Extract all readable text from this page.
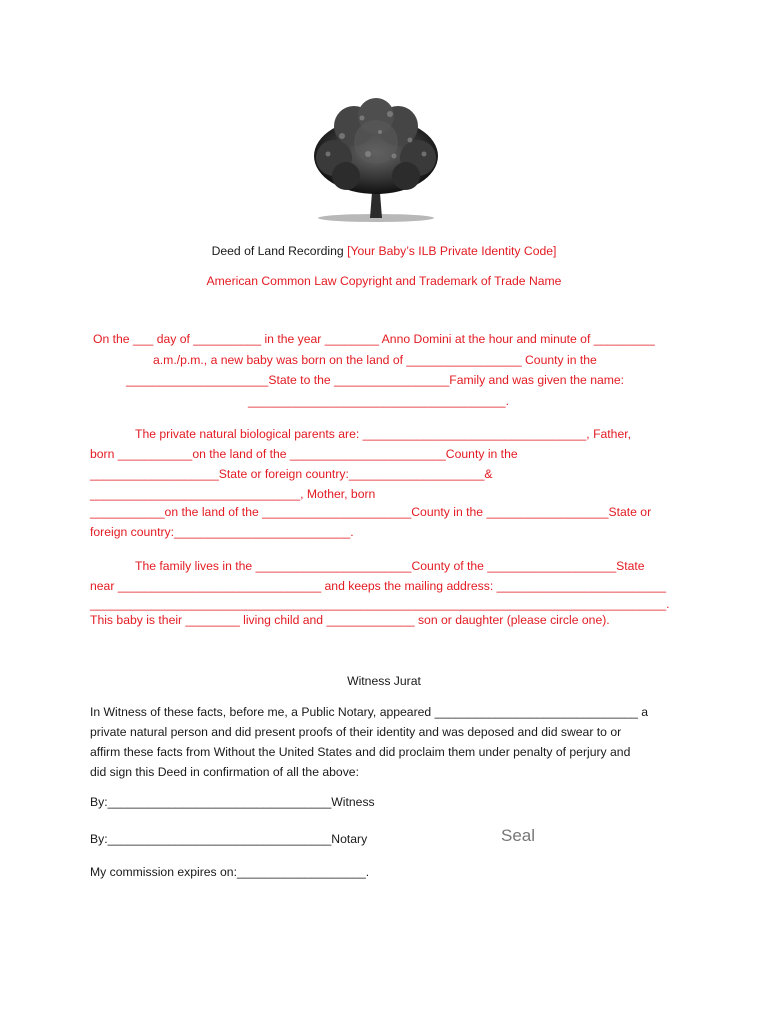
Deed of Land Recording [Your Baby’s ILB Private Identity Code]
American Common Law Copyright and Trademark of Trade Name
On the ___ day of __________ in the year ________ Anno Domini at the hour and minute of _________
a.m./p.m., a new baby was born on the land of _________________ County in the
_____________________State to the _________________Family and was given the name:
______________________________________.
The private natural biological parents are: _________________________________, Father,
born ___________on the land of the _______________________County in the
___________________State or foreign country:____________________&
_______________________________, Mother, born
___________on the land of the ______________________County in the __________________State or
foreign country:__________________________.
The family lives in the _______________________County of the ___________________State
near ______________________________ and keeps the mailing address: _________________________
_____________________________________________________________________________________.
This baby is their ________ living child and _____________ son or daughter (please circle one).
Witness Jurat
In Witness of these facts, before me, a Public Notary, appeared ______________________________ a
private natural person and did present proofs of their identity and was deposed and did swear to or
affirm these facts from Without the United States and did proclaim them under penalty of perjury and
did sign this Deed in confirmation of all the above:
By:_________________________________Witness
By:_________________________________Notary	Seal
My commission expires on:___________________.
